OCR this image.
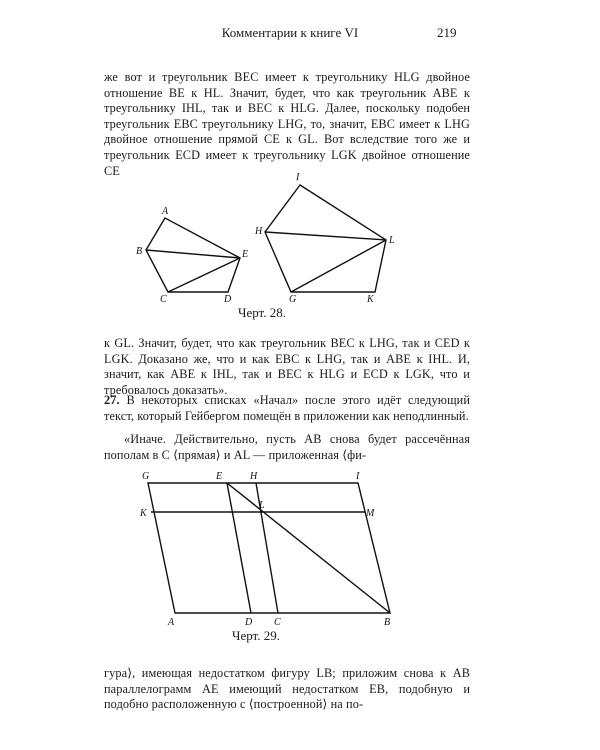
Комментарии к книге VI	219

же вот и треугольник BEC имеет к треугольнику HLG двойное отношение BE к HL. Значит, будет, что как треугольник ABE к треугольнику IHL, так и BEC к HLG. Далее, поскольку подобен треугольник EBC треугольнику LHG, то, значит, EBC имеет к LHG двойное отношение прямой CE к GL. Вот вследствие того же и треугольник ECD имеет к треугольнику LGK двойное отношение CE

A
B
C	D
E
I
H
L
G	K
Черт. 28.

к GL. Значит, будет, что как треугольник BEC к LHG, так и CED к LGK. Доказано же, что и как EBC к LHG, так и ABE к IHL. И, значит, как ABE к IHL, так и BEC к HLG и ECD к LGK, что и требовалось доказать».

27. В некоторых списках «Начал» после этого идёт следующий текст, который Гейбергом помещён в приложении как неподлинный.

«Иначе. Действительно, пусть AB снова будет рассечённая пополам в C ⟨прямая⟩ и AL — приложенная ⟨фи-

G	E	H	I
K
L
M
A	D C	B
Черт. 29.

гура⟩, имеющая недостатком фигуру LB; приложим снова к AB параллелограмм AE имеющий недостатком EB, подобную и подобно расположенную с ⟨построенной⟩ на по-
